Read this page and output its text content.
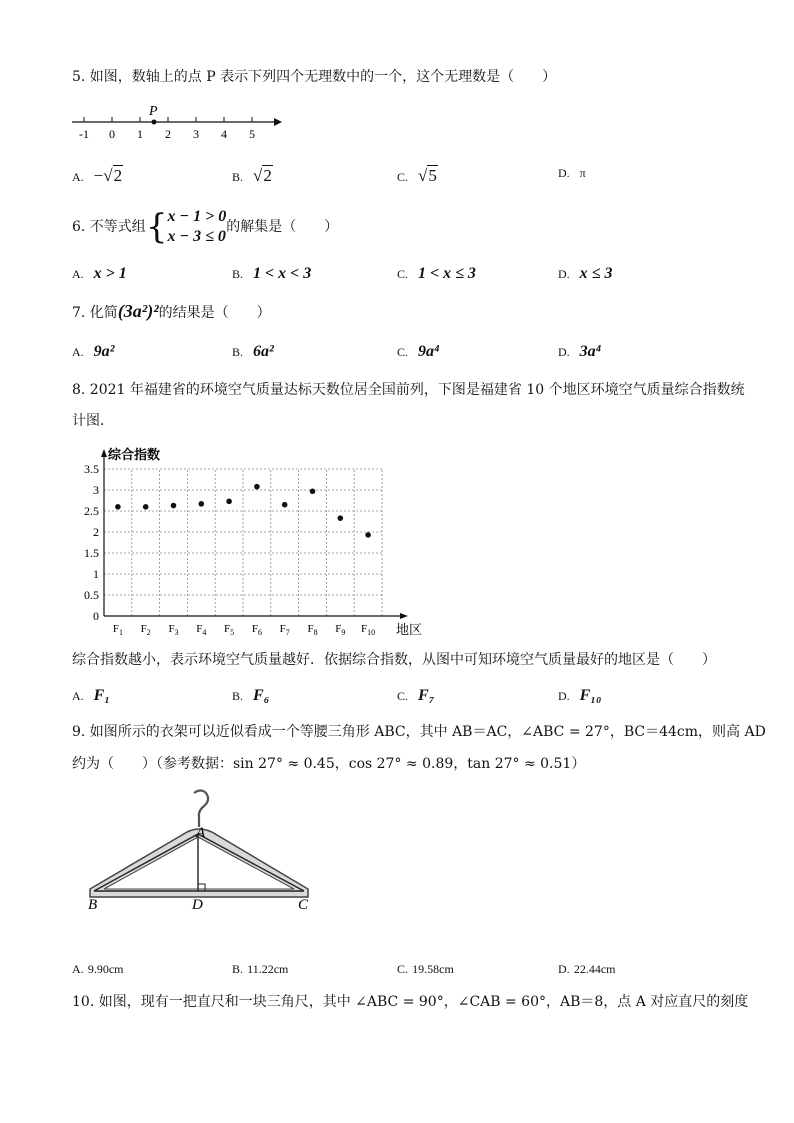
5. 如图，数轴上的点 P 表示下列四个无理数中的一个，这个无理数是（　　）
-1 0 1 2 3 4 5
P
A. −√2	B. √2	C. √5	D. π
6. 不等式组{ x − 1 > 0
x − 3 ≤ 0
的解集是（　　）
A. x > 1	B. 1 < x < 3	C. 1 < x ≤ 3	D. x ≤ 3
7. 化简(3a²)²的结果是（　　）
A. 9a²	B. 6a²	C. 9a⁴	D. 3a⁴
8. 2021 年福建省的环境空气质量达标天数位居全国前列，下图是福建省 10 个地区环境空气质量综合指数统
计图．
0
0.5
1
1.5
2
2.5
3
3.5
$F_1$ $F_2$ $F_3$ $F_4$ $F_5$ $F_6$ $F_7$ $F_8$ $F_9$ $F_{10}$
综合指数
地区
综合指数越小，表示环境空气质量越好．依据综合指数，从图中可知环境空气质量最好的地区是（　　）
A. F₁	B. F₆	C. F₇	D. F₁₀
9. 如图所示的衣架可以近似看成一个等腰三角形 ABC，其中 AB＝AC，∠ABC = 27°，BC＝44cm，则高 AD
约为（　　）（参考数据：sin 27° ≈ 0.45，cos 27° ≈ 0.89，tan 27° ≈ 0.51）
A
B	D	C
A. 9.90cm	B. 11.22cm	C. 19.58cm	D. 22.44cm
10. 如图，现有一把直尺和一块三角尺，其中 ∠ABC = 90°，∠CAB = 60°，AB＝8，点 A 对应直尺的刻度
